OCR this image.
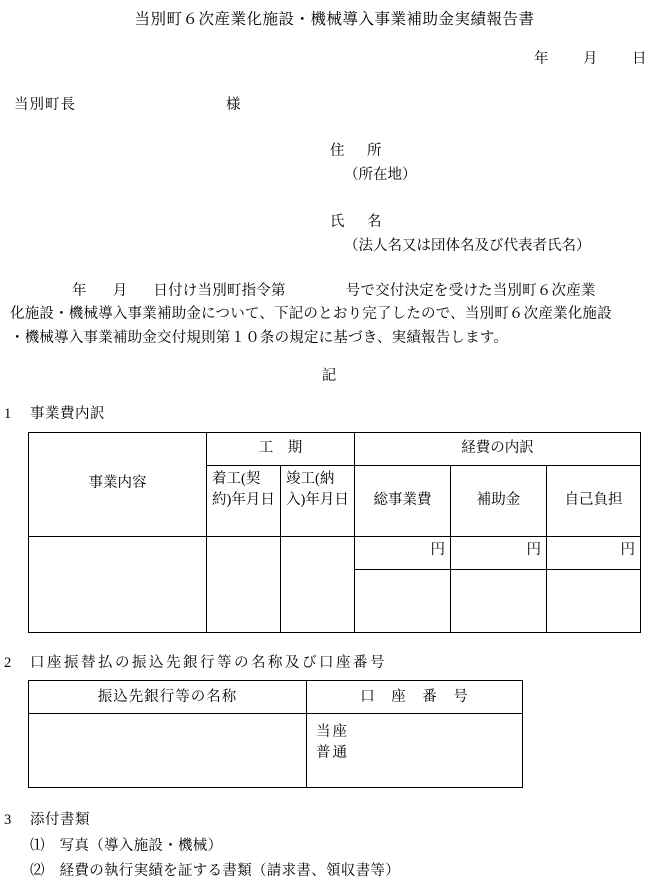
当別町６次産業化施設・機械導入事業補助金実績報告書
年 月 日
当別町長	様
住　所
（所在地）
氏　名
（法人名又は団体名及び代表者氏名）
年 月 日付け当別町指令第	号で交付決定を受けた当別町６次産業
化施設・機械導入事業補助金について、下記のとおり完了したので、当別町６次産業化施設
・機械導入事業補助金交付規則第１０条の規定に基づき、実績報告します。
記
1 事業費内訳
事業内容	工　期		経費の内訳		
	着工(契約)年月日	竣工(納入)年月日	総事業費	補助金	自己負担
			円	円	円

2 口座振替払の振込先銀行等の名称及び口座番号
振込先銀行等の名称	口　座　番　号

	当座
普通
3 添付書類
⑴　写真（導入施設・機械）
⑵　経費の執行実績を証する書類（請求書、領収書等）
